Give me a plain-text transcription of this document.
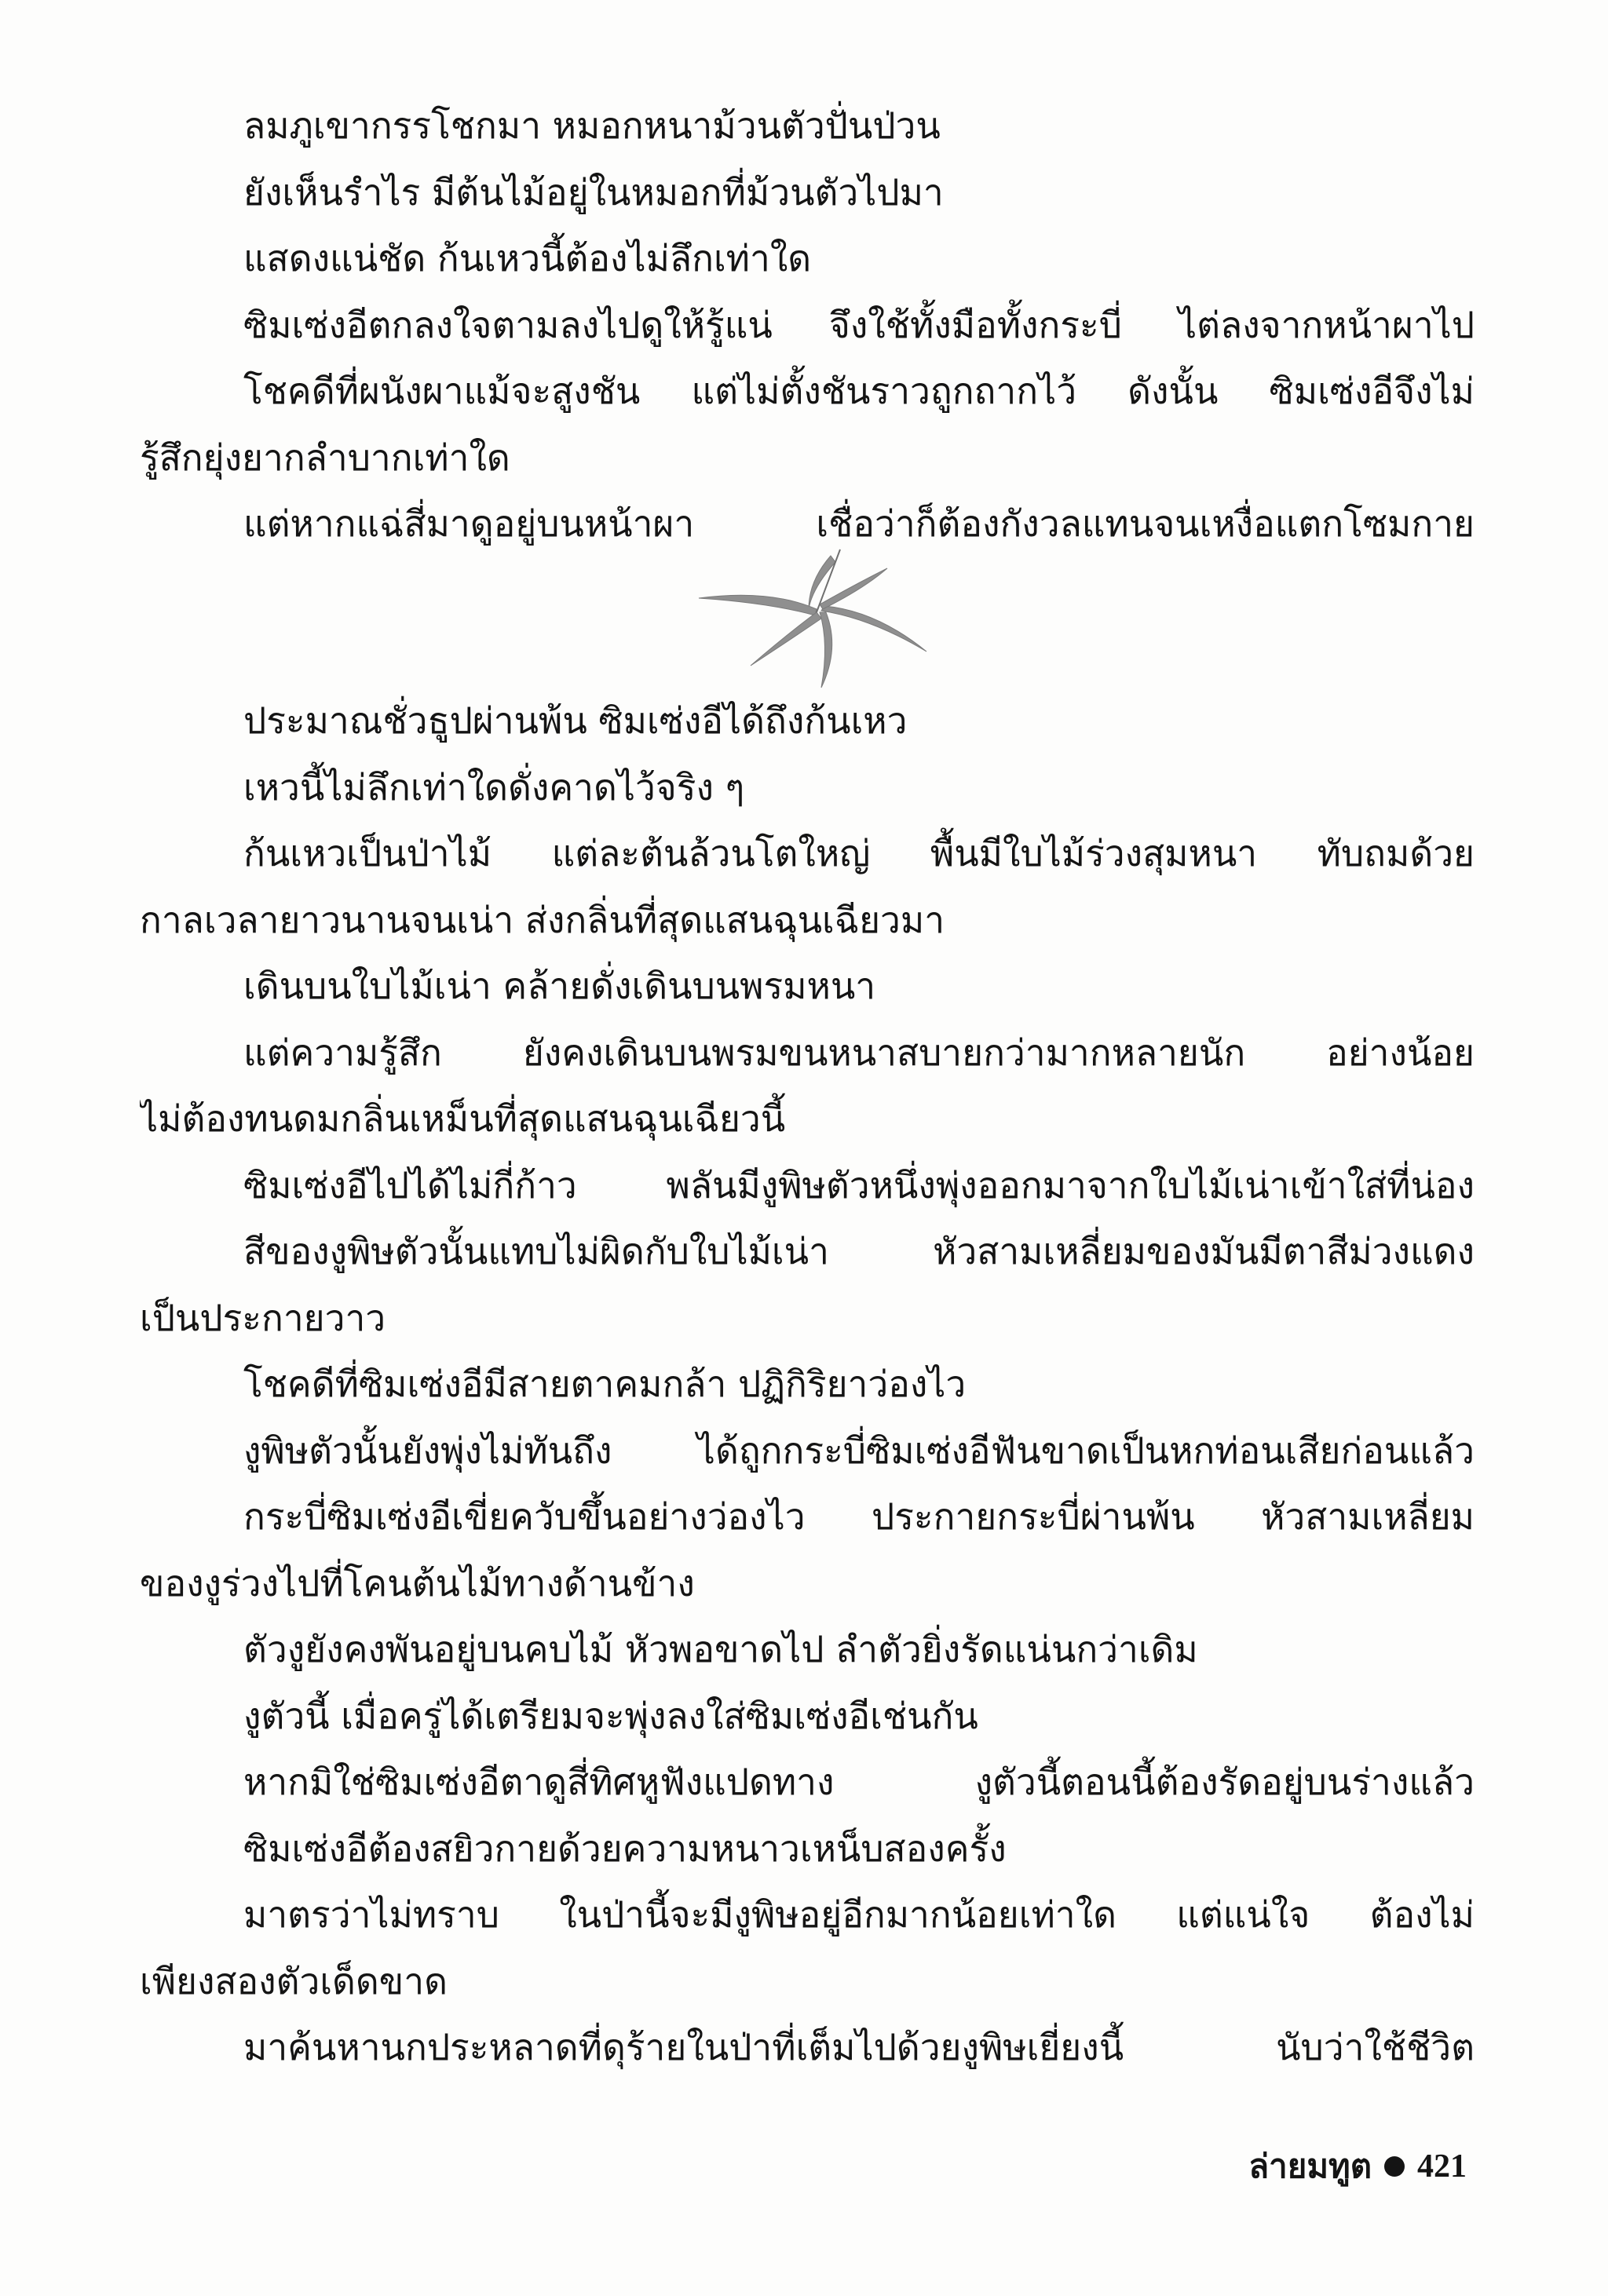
ลมภูเขากรรโชกมา หมอกหนาม้วนตัวปั่นป่วน
ยังเห็นรำไร มีต้นไม้อยู่ในหมอกที่ม้วนตัวไปมา
แสดงแน่ชัด ก้นเหวนี้ต้องไม่ลึกเท่าใด
ซิมเซ่งอีตกลงใจตามลงไปดูให้รู้แน่ จึงใช้ทั้งมือทั้งกระบี่ ไต่ลงจากหน้าผาไป
โชคดีที่ผนังผาแม้จะสูงชัน แต่ไม่ตั้งชันราวถูกถากไว้ ดังนั้น ซิมเซ่งอีจึงไม่
รู้สึกยุ่งยากลำบากเท่าใด
แต่หากแฉ่สี่มาดูอยู่บนหน้าผา เชื่อว่าก็ต้องกังวลแทนจนเหงื่อแตกโซมกาย
ประมาณชั่วธูปผ่านพ้น ซิมเซ่งอีได้ถึงก้นเหว
เหวนี้ไม่ลึกเท่าใดดั่งคาดไว้จริง ๆ
ก้นเหวเป็นป่าไม้ แต่ละต้นล้วนโตใหญ่ พื้นมีใบไม้ร่วงสุมหนา ทับถมด้วย
กาลเวลายาวนานจนเน่า ส่งกลิ่นที่สุดแสนฉุนเฉียวมา
เดินบนใบไม้เน่า คล้ายดั่งเดินบนพรมหนา
แต่ความรู้สึก ยังคงเดินบนพรมขนหนาสบายกว่ามากหลายนัก อย่างน้อย
ไม่ต้องทนดมกลิ่นเหม็นที่สุดแสนฉุนเฉียวนี้
ซิมเซ่งอีไปได้ไม่กี่ก้าว พลันมีงูพิษตัวหนึ่งพุ่งออกมาจากใบไม้เน่าเข้าใส่ที่น่อง
สีของงูพิษตัวนั้นแทบไม่ผิดกับใบไม้เน่า หัวสามเหลี่ยมของมันมีตาสีม่วงแดง
เป็นประกายวาว
โชคดีที่ซิมเซ่งอีมีสายตาคมกล้า ปฏิกิริยาว่องไว
งูพิษตัวนั้นยังพุ่งไม่ทันถึง ได้ถูกกระบี่ซิมเซ่งอีฟันขาดเป็นหกท่อนเสียก่อนแล้ว
กระบี่ซิมเซ่งอีเขี่ยควับขึ้นอย่างว่องไว ประกายกระบี่ผ่านพ้น หัวสามเหลี่ยม
ของงูร่วงไปที่โคนต้นไม้ทางด้านข้าง
ตัวงูยังคงพันอยู่บนคบไม้ หัวพอขาดไป ลำตัวยิ่งรัดแน่นกว่าเดิม
งูตัวนี้ เมื่อครู่ได้เตรียมจะพุ่งลงใส่ซิมเซ่งอีเช่นกัน
หากมิใช่ซิมเซ่งอีตาดูสี่ทิศหูฟังแปดทาง งูตัวนี้ตอนนี้ต้องรัดอยู่บนร่างแล้ว
ซิมเซ่งอีต้องสยิวกายด้วยความหนาวเหน็บสองครั้ง
มาตรว่าไม่ทราบ ในป่านี้จะมีงูพิษอยู่อีกมากน้อยเท่าใด แต่แน่ใจ ต้องไม่
เพียงสองตัวเด็ดขาด
มาค้นหานกประหลาดที่ดุร้ายในป่าที่เต็มไปด้วยงูพิษเยี่ยงนี้ นับว่าใช้ชีวิต
ล่ายมทูต 421
